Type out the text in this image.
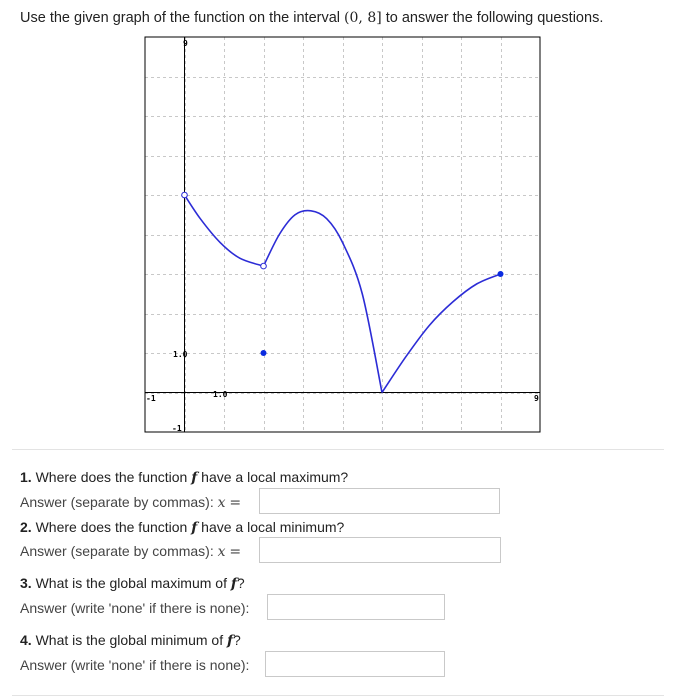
Use the given graph of the function on the interval (0, 8] to answer the following questions.
9
9
-1
-1
1.0
1.0
1. Where does the function f have a local maximum?
Answer (separate by commas): x =
2. Where does the function f have a local minimum?
Answer (separate by commas): x =
3. What is the global maximum of f?
Answer (write 'none' if there is none):
4. What is the global minimum of f?
Answer (write 'none' if there is none):
